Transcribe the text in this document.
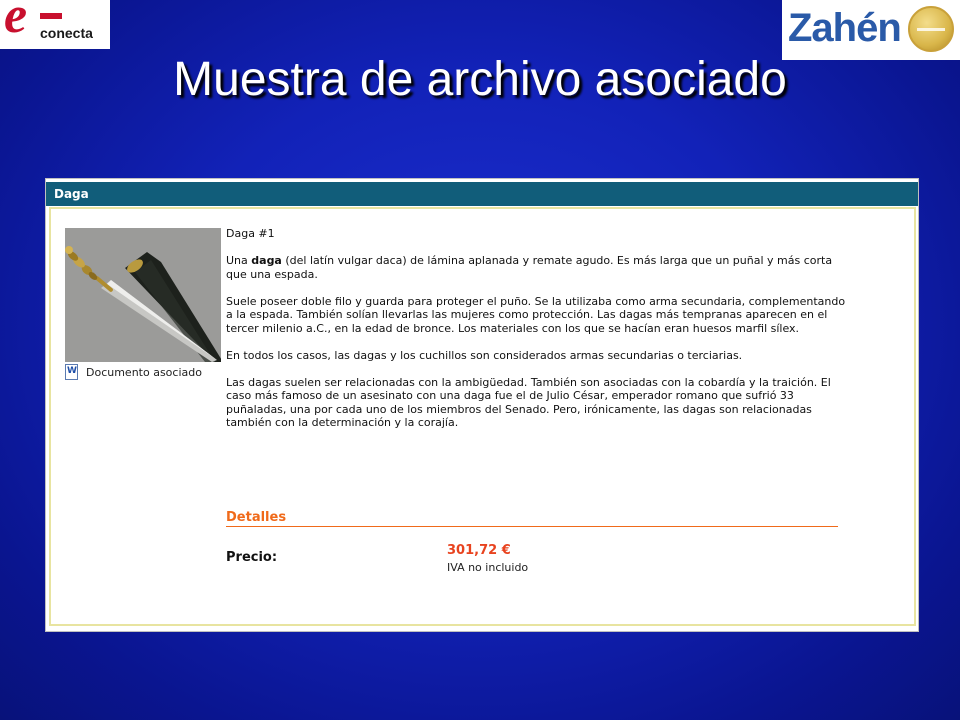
e conecta	Zahén
Muestra de archivo asociado
Daga
W
Documento asociado

Daga #1

Una daga (del latín vulgar daca) de lámina aplanada y remate agudo. Es más larga que un puñal y más corta que una espada.

Suele poseer doble filo y guarda para proteger el puño. Se la utilizaba como arma secundaria, complementando a la espada. También solían llevarlas las mujeres como protección. Las dagas más tempranas aparecen en el tercer milenio a.C., en la edad de bronce. Los materiales con los que se hacían eran huesos marfil sílex.

En todos los casos, las dagas y los cuchillos son considerados armas secundarias o terciarias.

Las dagas suelen ser relacionadas con la ambigüedad. También son asociadas con la cobardía y la traición. El caso más famoso de un asesinato con una daga fue el de Julio César, emperador romano que sufrió 33 puñaladas, una por cada uno de los miembros del Senado. Pero, irónicamente, las dagas son relacionadas también con la determinación y la corajía.

Detalles
Precio:	301,72 €
IVA no incluido
